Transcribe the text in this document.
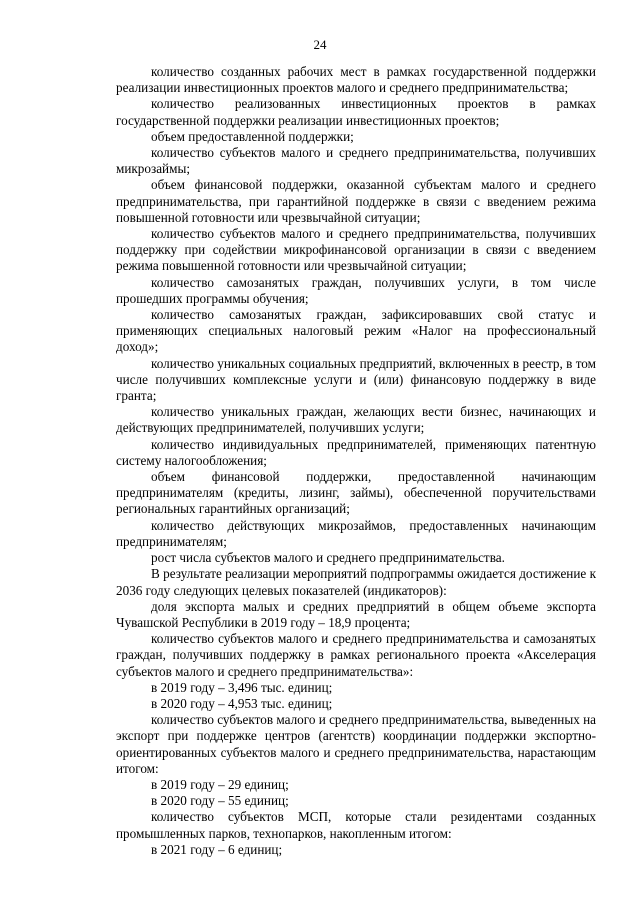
24

количество созданных рабочих мест в рамках государственной поддержки реализации инвестиционных проектов малого и среднего предпринимательства;

количество реализованных инвестиционных проектов в рамках государственной поддержки реализации инвестиционных проектов;

объем предоставленной поддержки;

количество субъектов малого и среднего предпринимательства, получивших микрозаймы;

объем финансовой поддержки, оказанной субъектам малого и среднего предпринимательства, при гарантийной поддержке в связи с введением режима повышенной готовности или чрезвычайной ситуации;

количество субъектов малого и среднего предпринимательства, получивших поддержку при содействии микрофинансовой организации в связи с введением режима повышенной готовности или чрезвычайной ситуации;

количество самозанятых граждан, получивших услуги, в том числе прошедших программы обучения;

количество самозанятых граждан, зафиксировавших свой статус и применяющих специальных налоговый режим «Налог на профессиональный доход»;

количество уникальных социальных предприятий, включенных в реестр, в том числе получивших комплексные услуги и (или) финансовую поддержку в виде гранта;

количество уникальных граждан, желающих вести бизнес, начинающих и действующих предпринимателей, получивших услуги;

количество индивидуальных предпринимателей, применяющих патентную систему налогообложения;

объем финансовой поддержки, предоставленной начинающим предпринимателям (кредиты, лизинг, займы), обеспеченной поручительствами региональных гарантийных организаций;

количество действующих микрозаймов, предоставленных начинающим предпринимателям;

рост числа субъектов малого и среднего предпринимательства.

В результате реализации мероприятий подпрограммы ожидается достижение к 2036 году следующих целевых показателей (индикаторов):

доля экспорта малых и средних предприятий в общем объеме экспорта Чувашской Республики в 2019 году – 18,9 процента;

количество субъектов малого и среднего предпринимательства и самозанятых граждан, получивших поддержку в рамках регионального проекта «Акселерация субъектов малого и среднего предпринимательства»:

в 2019 году – 3,496 тыс. единиц;

в 2020 году – 4,953 тыс. единиц;

количество субъектов малого и среднего предпринимательства, выведенных на экспорт при поддержке центров (агентств) координации поддержки экспортно-ориентированных субъектов малого и среднего предпринимательства, нарастающим итогом:

в 2019 году – 29 единиц;

в 2020 году – 55 единиц;

количество субъектов МСП, которые стали резидентами созданных промышленных парков, технопарков, накопленным итогом:

в 2021 году – 6 единиц;
